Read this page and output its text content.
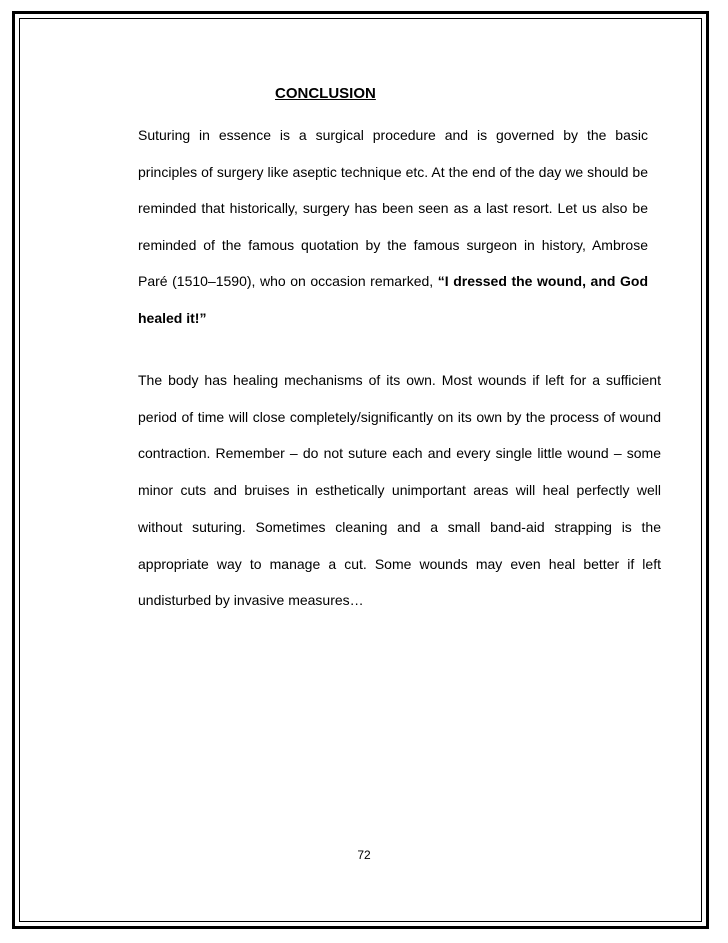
CONCLUSION

Suturing in essence is a surgical procedure and is governed by the basic principles of surgery like aseptic technique etc. At the end of the day we should be reminded that historically, surgery has been seen as a last resort. Let us also be reminded of the famous quotation by the famous surgeon in history, Ambrose Paré (1510–1590), who on occasion remarked, “I dressed the wound, and God healed it!”

The body has healing mechanisms of its own. Most wounds if left for a sufficient period of time will close completely/significantly on its own by the process of wound contraction. Remember – do not suture each and every single little wound – some minor cuts and bruises in esthetically unimportant areas will heal perfectly well without suturing. Sometimes cleaning and a small band-aid strapping is the appropriate way to manage a cut. Some wounds may even heal better if left undisturbed by invasive measures…

72
